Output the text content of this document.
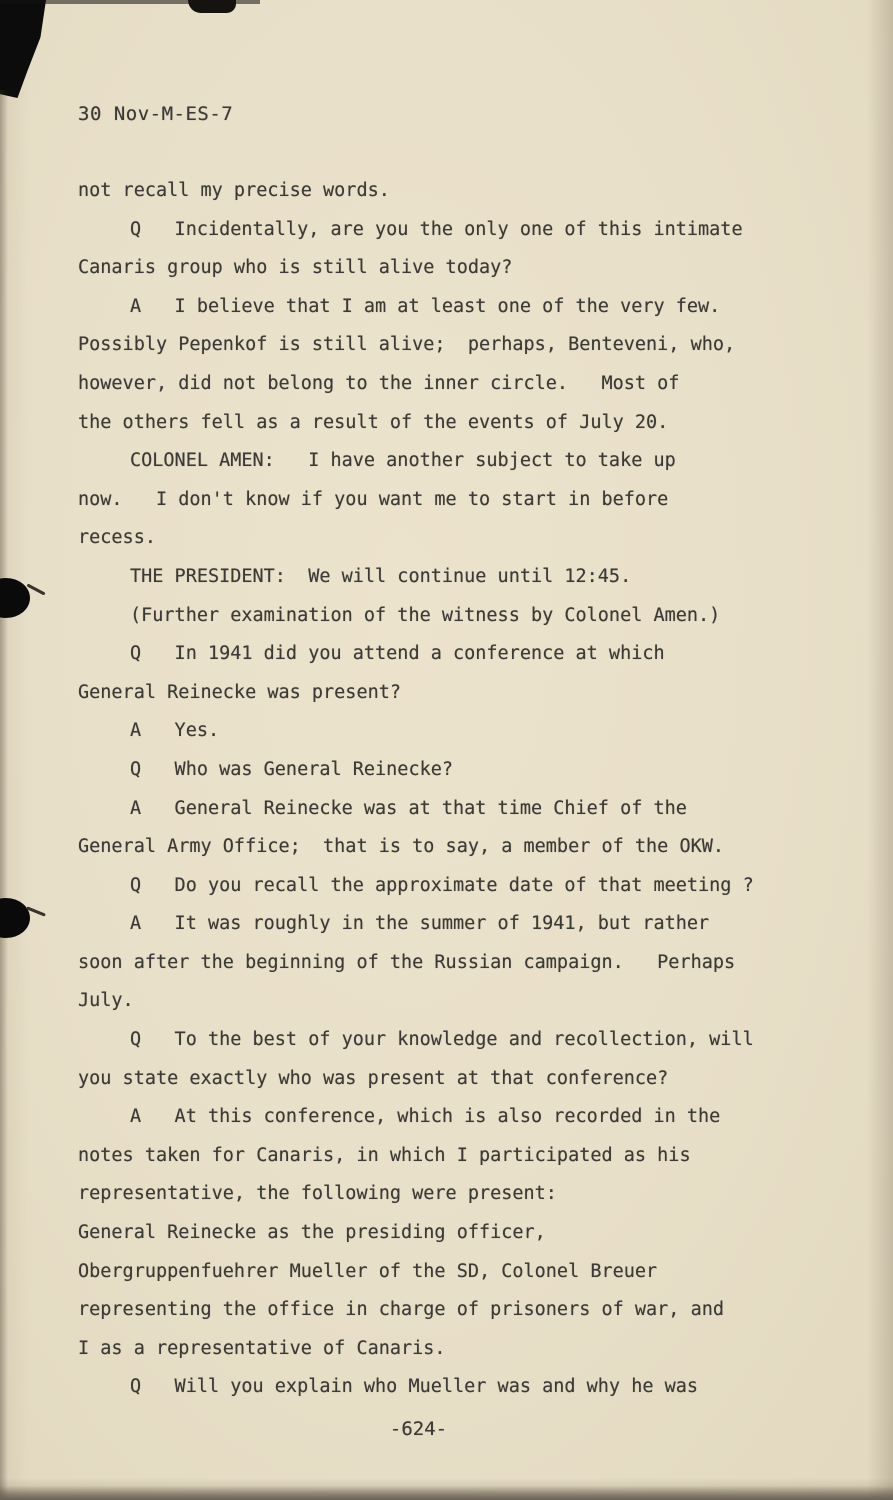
30 Nov-M-ES-7
not recall my precise words.
Q   Incidentally, are you the only one of this intimate
Canaris group who is still alive today?
A   I believe that I am at least one of the very few.
Possibly Pepenkof is still alive;  perhaps, Benteveni, who,
however, did not belong to the inner circle.   Most of
the others fell as a result of the events of July 20.
COLONEL AMEN:   I have another subject to take up
now.   I don't know if you want me to start in before
recess.
THE PRESIDENT:  We will continue until 12:45.
(Further examination of the witness by Colonel Amen.)
Q   In 1941 did you attend a conference at which
General Reinecke was present?
A   Yes.
Q   Who was General Reinecke?
A   General Reinecke was at that time Chief of the
General Army Office;  that is to say, a member of the OKW.
Q   Do you recall the approximate date of that meeting ?
A   It was roughly in the summer of 1941, but rather
soon after the beginning of the Russian campaign.   Perhaps
July.
Q   To the best of your knowledge and recollection, will
you state exactly who was present at that conference?
A   At this conference, which is also recorded in the
notes taken for Canaris, in which I participated as his
representative, the following were present:
General Reinecke as the presiding officer,
Obergruppenfuehrer Mueller of the SD, Colonel Breuer
representing the office in charge of prisoners of war, and
I as a representative of Canaris.
Q   Will you explain who Mueller was and why he was
-624-
